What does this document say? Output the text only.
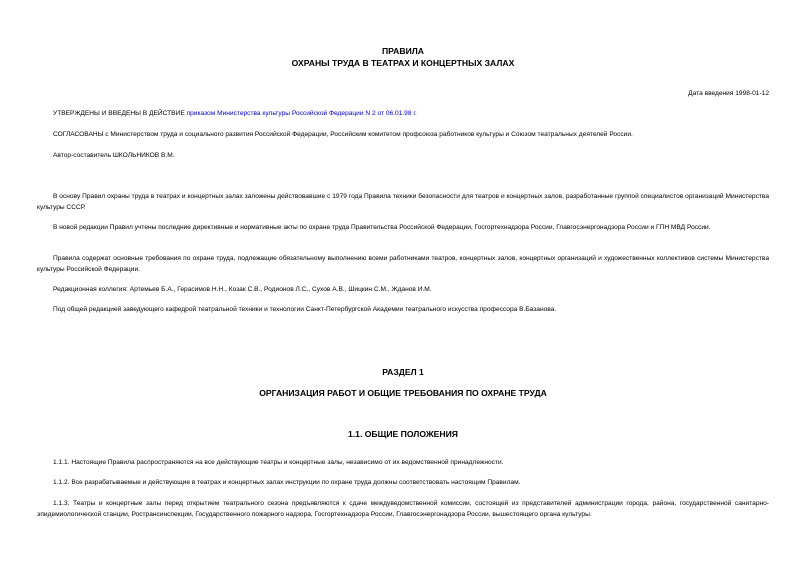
ПРАВИЛА
ОХРАНЫ ТРУДА В ТЕАТРАХ И КОНЦЕРТНЫХ ЗАЛАХ
Дата введения 1998-01-12
УТВЕРЖДЕНЫ И ВВЕДЕНЫ В ДЕЙСТВИЕ приказом Министерства культуры Российской Федерации N 2 от 06.01.98 г.
СОГЛАСОВАНЫ с Министерством труда и социального развития Российской Федерации, Российским комитетом профсоюза работников культуры и Союзом театральных деятелей России.
Автор-составитель ШКОЛЬНИКОВ В.М.
В основу Правил охраны труда в театрах и концертных залах заложены действовавшие с 1979 года Правила техники безопасности для театров и концертных залов, разработанные группой специалистов организаций Министерства культуры СССР.
В новой редакции Правил учтены последние директивные и нормативные акты по охране труда Правительства Российской Федерации, Госгортехнадзора России, Главгосэнергонадзора России и ГПН МВД России.
Правила содержат основные требования по охране труда, подлежащие обязательному выполнению всеми работниками театров, концертных залов, концертных организаций и художественных коллективов системы Министерства культуры Российской Федерации.
Редакционная коллегия: Артемьев Б.А., Герасимов Н.Н., Козак С.В., Родионов Л.С., Сухов А.В., Шицкин С.М., Жданов И.М.
Под общей редакцией заведующего кафедрой театральной техники и технологии Санкт-Петербургской Академии театрального искусства профессора В.Базанова.
РАЗДЕЛ 1
ОРГАНИЗАЦИЯ РАБОТ И ОБЩИЕ ТРЕБОВАНИЯ ПО ОХРАНЕ ТРУДА
1.1. ОБЩИЕ ПОЛОЖЕНИЯ
1.1.1. Настоящие Правила распространяются на все действующие театры и концертные залы, независимо от их ведомственной принадлежности.
1.1.2. Все разрабатываемые и действующие в театрах и концертных залах инструкции по охране труда должны соответствовать настоящим Правилам.
1.1.3. Театры и концертные залы перед открытием театрального сезона предъявляются к сдаче междуведомственной комиссии, состоящей из представителей администрации города, района, государственной санитарно-эпидемиологической станции, Ространсинспекции, Государственного пожарного надзора, Госгортехнадзора России, Главгосэнергонадзора России, вышестоящего органа культуры.
